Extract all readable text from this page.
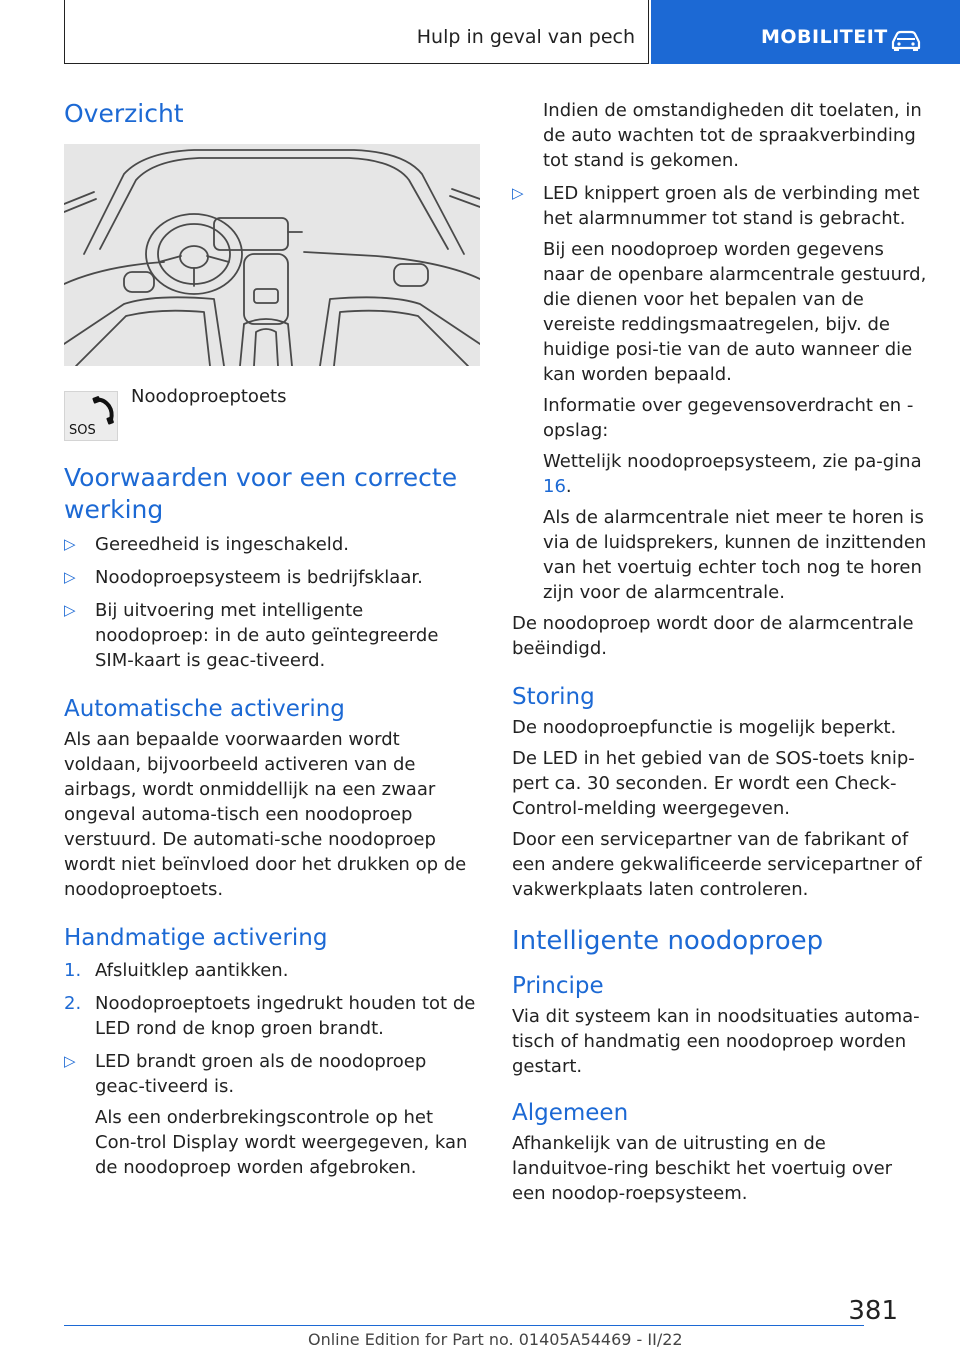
Hulp in geval van pech	MOBILITEIT
Overzicht
SOS
Noodoproeptoets
Voorwaarden voor een correcte werking
▷ Gereedheid is ingeschakeld.
▷ Noodoproepsysteem is bedrijfsklaar.
▷ Bij uitvoering met intelligente noodoproep: in de auto geïntegreerde SIM-kaart is geac-tiveerd.
Automatische activering

Als aan bepaalde voorwaarden wordt voldaan, bijvoorbeeld activeren van de airbags, wordt onmiddellijk na een zwaar ongeval automa-tisch een noodoproep verstuurd. De automati-sche noodoproep wordt niet beïnvloed door het drukken op de noodoproeptoets.

Handmatige activering
1. Afsluitklep aantikken.
2. Noodoproeptoets ingedrukt houden tot de LED rond de knop groen brandt.
▷ LED brandt groen als de noodoproep geac-tiveerd is.
Als een onderbrekingscontrole op het Con-trol Display wordt weergegeven, kan de noodoproep worden afgebroken.
Indien de omstandigheden dit toelaten, in de auto wachten tot de spraakverbinding tot stand is gekomen.
▷ LED knippert groen als de verbinding met het alarmnummer tot stand is gebracht.
Bij een noodoproep worden gegevens naar de openbare alarmcentrale gestuurd, die dienen voor het bepalen van de vereiste reddingsmaatregelen, bijv. de huidige posi-tie van de auto wanneer die kan worden bepaald.
Informatie over gegevensoverdracht en -opslag:
Wettelijk noodoproepsysteem, zie pa-gina 16.
Als de alarmcentrale niet meer te horen is via de luidsprekers, kunnen de inzittenden van het voertuig echter toch nog te horen zijn voor de alarmcentrale.

De noodoproep wordt door de alarmcentrale beëindigd.

Storing

De noodoproepfunctie is mogelijk beperkt.

De LED in het gebied van de SOS-toets knip-pert ca. 30 seconden. Er wordt een Check-Control-melding weergegeven.

Door een servicepartner van de fabrikant of een andere gekwalificeerde servicepartner of vakwerkplaats laten controleren.

Intelligente noodoproep
Principe

Via dit systeem kan in noodsituaties automa-tisch of handmatig een noodoproep worden gestart.

Algemeen

Afhankelijk van de uitrusting en de landuitvoe-ring beschikt het voertuig over een noodop-roepsysteem.

381
Online Edition for Part no. 01405A54469 - II/22
